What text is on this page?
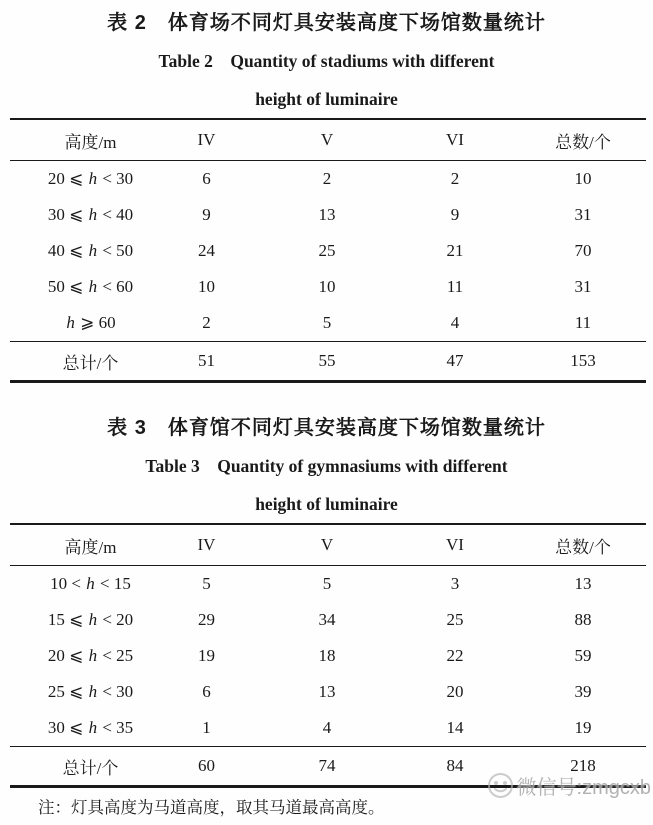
表 2　体育场不同灯具安装高度下场馆数量统计
Table 2　Quantity of stadiums with different
height of luminaire
高度/m	IV	V	VI	总数/个
20 ⩽ h < 30	6	2	2	10
30 ⩽ h < 40	9	13	9	31
40 ⩽ h < 50	24	25	21	70
50 ⩽ h < 60	10	10	11	31
h ⩾ 60	2	5	4	11
总计/个	51	55	47	153
表 3　体育馆不同灯具安装高度下场馆数量统计
Table 3　Quantity of gymnasiums with different
height of luminaire
高度/m	IV	V	VI	总数/个
10 < h < 15	5	5	3	13
15 ⩽ h < 20	29	34	25	88
20 ⩽ h < 25	19	18	22	59
25 ⩽ h < 30	6	13	20	39
30 ⩽ h < 35	1	4	14	19
总计/个	60	74	84	218
注：灯具高度为马道高度，取其马道最高高度。
微信号:zmgcxb
